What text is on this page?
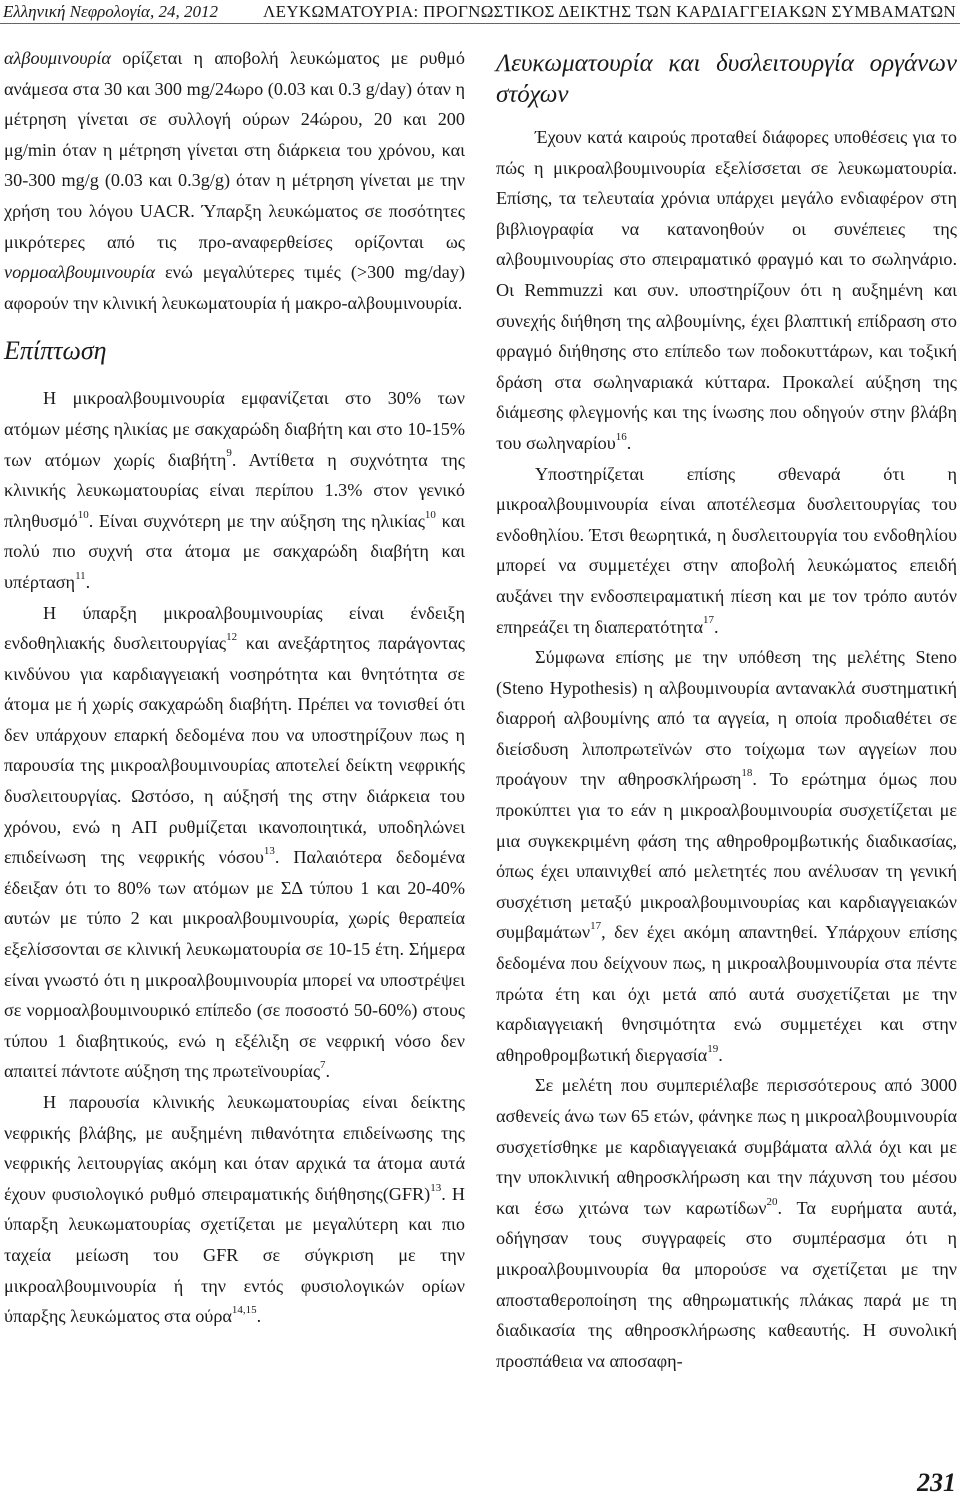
Ελληνική Νεφρολογία, 24, 2012	ΛΕΥΚΩΜΑΤΟΥΡΙΑ: ΠΡΟΓΝΩΣΤΙΚΟΣ ΔΕΙΚΤΗΣ ΤΩΝ ΚΑΡΔΙΑΓΓΕΙΑΚΩΝ ΣΥΜΒΑΜΑΤΩΝ

αλβουμινουρία ορίζεται η αποβολή λευκώματος με ρυθμό ανάμεσα στα 30 και 300 mg/24ωρο (0.03 και 0.3 g/day) όταν η μέτρηση γίνεται σε συλλογή ούρων 24ώρου, 20 και 200 μg/min όταν η μέτρηση γίνεται στη διάρκεια του χρόνου, και 30-300 mg/g (0.03 και 0.3g/g) όταν η μέτρηση γίνεται με την χρήση του λόγου UACR. Ύπαρξη λευκώματος σε ποσότητες μικρότερες από τις προ-αναφερθείσες ορίζονται ως νορμοαλβουμινουρία ενώ μεγαλύτερες τιμές (>300 mg/day) αφορούν την κλινική λευκωματουρία ή μακρο-αλβουμινουρία.

Επίπτωση

Η μικροαλβουμινουρία εμφανίζεται στο 30% των ατόμων μέσης ηλικίας με σακχαρώδη διαβήτη και στο 10-15% των ατόμων χωρίς διαβήτη$^9$. Αντίθετα η συχνότητα της κλινικής λευκωματουρίας είναι περίπου 1.3% στον γενικό πληθυσμό$^{10}$. Είναι συχνότερη με την αύξηση της ηλικίας$^{10}$ και πολύ πιο συχνή στα άτομα με σακχαρώδη διαβήτη και υπέρταση$^{11}$.

Η ύπαρξη μικροαλβουμινουρίας είναι ένδειξη ενδοθηλιακής δυσλειτουργίας$^{12}$ και ανεξάρτητος παράγοντας κινδύνου για καρδιαγγειακή νοσηρότητα και θνητότητα σε άτομα με ή χωρίς σακχαρώδη διαβήτη. Πρέπει να τονισθεί ότι δεν υπάρχουν επαρκή δεδομένα που να υποστηρίζουν πως η παρουσία της μικροαλβουμινουρίας αποτελεί δείκτη νεφρικής δυσλειτουργίας. Ωστόσο, η αύξησή της στην διάρκεια του χρόνου, ενώ η ΑΠ ρυθμίζεται ικανοποιητικά, υποδηλώνει επιδείνωση της νεφρικής νόσου$^{13}$. Παλαιότερα δεδομένα έδειξαν ότι το 80% των ατόμων με ΣΔ τύπου 1 και 20-40% αυτών με τύπο 2 και μικροαλβουμινουρία, χωρίς θεραπεία εξελίσσονται σε κλινική λευκωματουρία σε 10-15 έτη. Σήμερα είναι γνωστό ότι η μικροαλβουμινουρία μπορεί να υποστρέψει σε νορμοαλβουμινουρικό επίπεδο (σε ποσοστό 50-60%) στους τύπου 1 διαβητικούς, ενώ η εξέλιξη σε νεφρική νόσο δεν απαιτεί πάντοτε αύξηση της πρωτεϊνουρίας$^7$.

Η παρουσία κλινικής λευκωματουρίας είναι δείκτης νεφρικής βλάβης, με αυξημένη πιθανότητα επιδείνωσης της νεφρικής λειτουργίας ακόμη και όταν αρχικά τα άτομα αυτά έχουν φυσιολογικό ρυθμό σπειραματικής διήθησης(GFR)$^{13}$. Η ύπαρξη λευκωματουρίας σχετίζεται με μεγαλύτερη και πιο ταχεία μείωση του GFR σε σύγκριση με την μικροαλβουμινουρία ή την εντός φυσιολογικών ορίων ύπαρξης λευκώματος στα ούρα$^{14,15}$.

Λευκωματουρία και δυσλειτουργία οργάνων στόχων

Έχουν κατά καιρούς προταθεί διάφορες υποθέσεις για το πώς η μικροαλβουμινουρία εξελίσσεται σε λευκωματουρία. Επίσης, τα τελευταία χρόνια υπάρχει μεγάλο ενδιαφέρον στη βιβλιογραφία να κατανοηθούν οι συνέπειες της αλβουμινουρίας στο σπειραματικό φραγμό και το σωληνάριο. Οι Remmuzzi και συν. υποστηρίζουν ότι η αυξημένη και συνεχής διήθηση της αλβουμίνης, έχει βλαπτική επίδραση στο φραγμό διήθησης στο επίπεδο των ποδοκυττάρων, και τοξική δράση στα σωληναριακά κύτταρα. Προκαλεί αύξηση της διάμεσης φλεγμονής και της ίνωσης που οδηγούν στην βλάβη του σωληναρίου$^{16}$.

Υποστηρίζεται επίσης σθεναρά ότι η μικροαλβουμινουρία είναι αποτέλεσμα δυσλειτουργίας του ενδοθηλίου. Έτσι θεωρητικά, η δυσλειτουργία του ενδοθηλίου μπορεί να συμμετέχει στην αποβολή λευκώματος επειδή αυξάνει την ενδοσπειραματική πίεση και με τον τρόπο αυτόν επηρεάζει τη διαπερατότητα$^{17}$.

Σύμφωνα επίσης με την υπόθεση της μελέτης Steno (Steno Hypothesis) η αλβουμινουρία αντανακλά συστηματική διαρροή αλβουμίνης από τα αγγεία, η οποία προδιαθέτει σε διείσδυση λιποπρωτεϊνών στο τοίχωμα των αγγείων που προάγουν την αθηροσκλήρωση$^{18}$. Το ερώτημα όμως που προκύπτει για το εάν η μικροαλβουμινουρία συσχετίζεται με μια συγκεκριμένη φάση της αθηροθρομβωτικής διαδικασίας, όπως έχει υπαινιχθεί από μελετητές που ανέλυσαν τη γενική συσχέτιση μεταξύ μικροαλβουμινουρίας και καρδιαγγειακών συμβαμάτων$^{17}$, δεν έχει ακόμη απαντηθεί. Υπάρχουν επίσης δεδομένα που δείχνουν πως, η μικροαλβουμινουρία στα πέντε πρώτα έτη και όχι μετά από αυτά συσχετίζεται με την καρδιαγγειακή θνησιμότητα ενώ συμμετέχει και στην αθηροθρομβωτική διεργασία$^{19}$.

Σε μελέτη που συμπεριέλαβε περισσότερους από 3000 ασθενείς άνω των 65 ετών, φάνηκε πως η μικροαλβουμινουρία συσχετίσθηκε με καρδιαγγειακά συμβάματα αλλά όχι και με την υποκλινική αθηροσκλήρωση και την πάχυνση του μέσου και έσω χιτώνα των καρωτίδων$^{20}$. Τα ευρήματα αυτά, οδήγησαν τους συγγραφείς στο συμπέρασμα ότι η μικροαλβουμινουρία θα μπορούσε να σχετίζεται με την αποσταθεροποίηση της αθηρωματικής πλάκας παρά με τη διαδικασία της αθηροσκλήρωσης καθεαυτής. Η συνολική προσπάθεια να αποσαφη-

231
